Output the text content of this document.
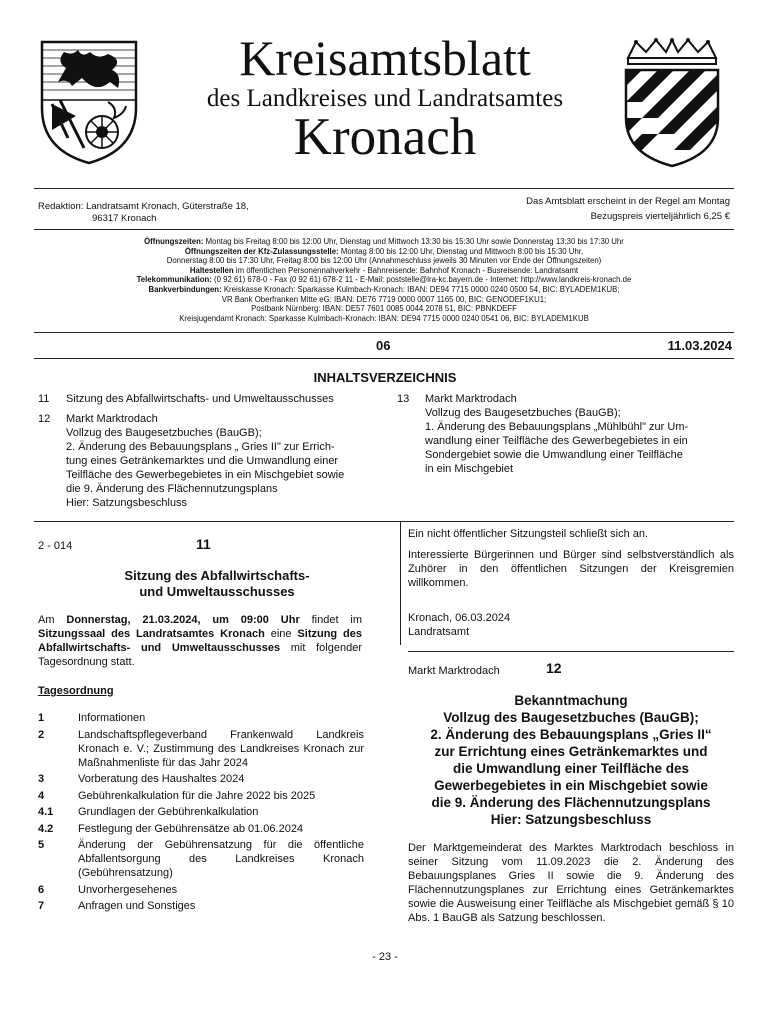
Kreisamtsblatt
des Landkreises und Landratsamtes
Kronach
Redaktion: Landratsamt Kronach, Güterstraße 18,
96317 Kronach
Das Amtsblatt erscheint in der Regel am Montag
Bezugspreis vierteljährlich 6,25 €
Öffnungszeiten: Montag bis Freitag 8:00 bis 12:00 Uhr, Dienstag und Mittwoch 13:30 bis 15:30 Uhr sowie Donnerstag 13:30 bis 17:30 Uhr
Öffnungszeiten der Kfz-Zulassungsstelle: Montag 8:00 bis 12:00 Uhr, Dienstag und Mittwoch 8:00 bis 15:30 Uhr,
Donnerstag 8:00 bis 17:30 Uhr, Freitag 8:00 bis 12:00 Uhr (Annahmeschluss jeweils 30 Minuten vor Ende der Öffnungszeiten)
Haltestellen im öffentlichen Personennahverkehr - Bahnreisende: Bahnhof Kronach - Busreisende: Landratsamt
Telekommunikation: (0 92 61) 678-0 - Fax (0 92 61) 678-2 11 - E-Mail: poststelle@lra-kc.bayern.de - Internet: http://www.landkreis-kronach.de
Bankverbindungen: Kreiskasse Kronach: Sparkasse Kulmbach-Kronach: IBAN: DE94 7715 0000 0240 0500 54, BIC: BYLADEM1KUB;
VR Bank Oberfranken Mitte eG: IBAN: DE76 7719 0000 0007 1165 00, BIC: GENODEF1KU1;
Postbank Nürnberg: IBAN: DE57 7601 0085 0044 2078 51, BIC: PBNKDEFF
Kreisjugendamt Kronach: Sparkasse Kulmbach-Kronach: IBAN: DE94 7715 0000 0240 0541 06, BIC: BYLADEM1KUB
06	11.03.2024
INHALTSVERZEICHNIS
11	Sitzung des Abfallwirtschafts- und Umweltausschusses
12	Markt Marktrodach
Vollzug des Baugesetzbuches (BauGB);
2. Änderung des Bebauungsplans „ Gries II" zur Errich-
tung eines Getränkemarktes und die Umwandlung einer
Teilfläche des Gewerbegebietes in ein Mischgebiet sowie
die 9. Änderung des Flächennutzungsplans
Hier: Satzungsbeschluss
13	Markt Marktrodach
Vollzug des Baugesetzbuches (BauGB);
1. Änderung des Bebauungsplans „Mühlbühl" zur Um-
wandlung einer Teilfläche des Gewerbegebietes in ein
Sondergebiet sowie die Umwandlung einer Teilfläche
in ein Mischgebiet
2 - 014	11
Sitzung des Abfallwirtschafts-
und Umweltausschusses
Am Donnerstag, 21.03.2024, um 09:00 Uhr findet im Sitzungssaal des Landratsamtes Kronach eine Sitzung des Abfallwirtschafts- und Umweltausschusses mit folgender Tagesordnung statt.
Tagesordnung
1	Informationen
2	Landschaftspflegeverband Frankenwald Landkreis Kronach e. V.; Zustimmung des Landkreises Kronach zur Maßnahmenliste für das Jahr 2024
3	Vorberatung des Haushaltes 2024
4	Gebührenkalkulation für die Jahre 2022 bis 2025
4.1	Grundlagen der Gebührenkalkulation
4.2	Festlegung der Gebührensätze ab 01.06.2024
5	Änderung der Gebührensatzung für die öffentliche Abfallentsorgung des Landkreises Kronach (Gebührensatzung)
6	Unvorhergesehenes
7	Anfragen und Sonstiges
Ein nicht öffentlicher Sitzungsteil schließt sich an.
Interessierte Bürgerinnen und Bürger sind selbstverständlich als Zuhörer in den öffentlichen Sitzungen der Kreisgremien willkommen.
Kronach, 06.03.2024
Landratsamt
Markt Marktrodach	12
Bekanntmachung
Vollzug des Baugesetzbuches (BauGB);
2. Änderung des Bebauungsplans „Gries II“
zur Errichtung eines Getränkemarktes und
die Umwandlung einer Teilfläche des
Gewerbegebietes in ein Mischgebiet sowie
die 9. Änderung des Flächennutzungsplans
Hier: Satzungsbeschluss
Der Marktgemeinderat des Marktes Marktrodach beschloss in seiner Sitzung vom 11.09.2023 die 2. Änderung des Bebauungsplanes Gries II sowie die 9. Änderung des Flächennutzungsplanes zur Errichtung eines Getränkemarktes sowie die Ausweisung einer Teilfläche als Mischgebiet gemäß § 10 Abs. 1 BauGB als Satzung beschlossen.
- 23 -
